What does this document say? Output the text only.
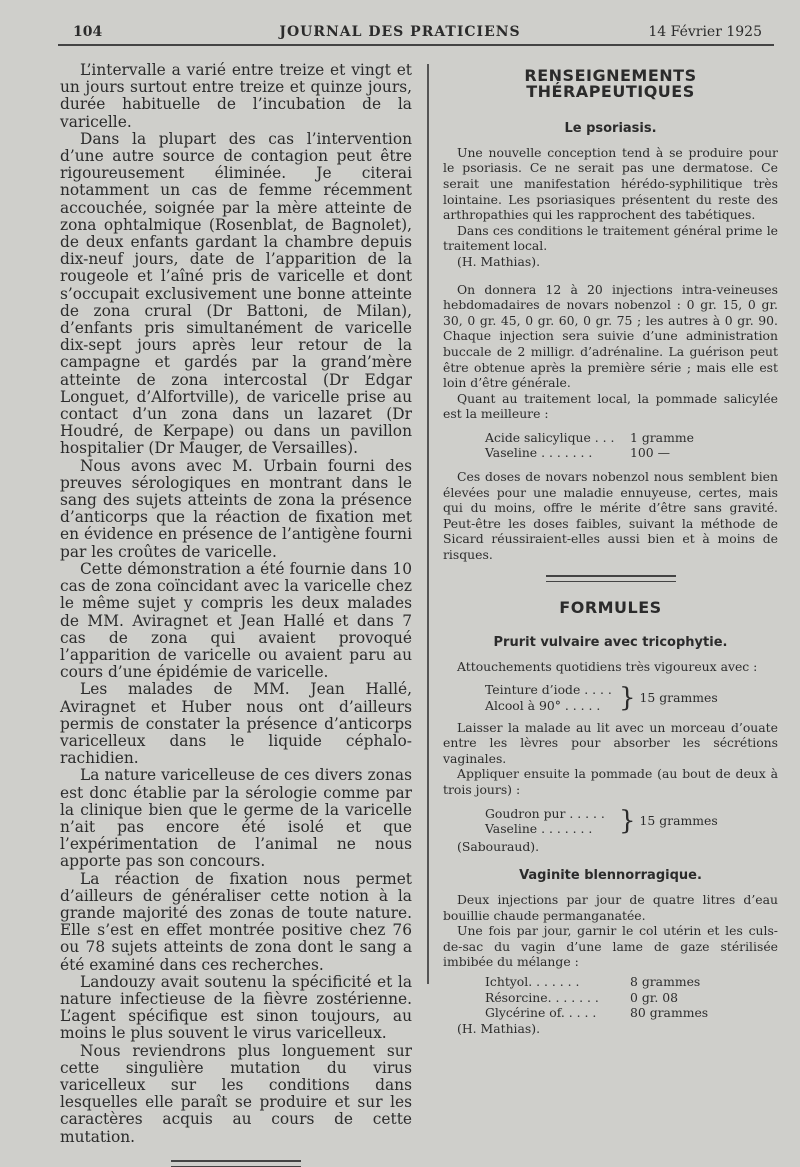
104	JOURNAL DES PRATICIENS	14 Février 1925

L’intervalle a varié entre treize et vingt et un jours surtout entre treize et quinze jours, durée habituelle de l’incubation de la varicelle.

Dans la plupart des cas l’intervention d’une autre source de contagion peut être rigoureusement éliminée. Je citerai notamment un cas de femme récemment accouchée, soignée par la mère atteinte de zona ophtalmique (Rosenblat, de Bagnolet), de deux enfants gardant la chambre depuis dix-neuf jours, date de l’apparition de la rougeole et l’aîné pris de varicelle et dont s’occupait exclusivement une bonne atteinte de zona crural (Dr Battoni, de Milan), d’enfants pris simultanément de varicelle dix-sept jours après leur retour de la campagne et gardés par la grand’mère atteinte de zona intercostal (Dr Edgar Longuet, d’Alfortville), de varicelle prise au contact d’un zona dans un lazaret (Dr Houdré, de Kerpape) ou dans un pavillon hospitalier (Dr Mauger, de Versailles).

Nous avons avec M. Urbain fourni des preuves sérologiques en montrant dans le sang des sujets atteints de zona la présence d’anticorps que la réaction de fixation met en évidence en présence de l’antigène fourni par les croûtes de varicelle.

Cette démonstration a été fournie dans 10 cas de zona coïncidant avec la varicelle chez le même sujet y compris les deux malades de MM. Aviragnet et Jean Hallé et dans 7 cas de zona qui avaient provoqué l’apparition de varicelle ou avaient paru au cours d’une épidémie de varicelle.

Les malades de MM. Jean Hallé, Aviragnet et Huber nous ont d’ailleurs permis de constater la présence d’anticorps varicelleux dans le liquide céphalo-rachidien.

La nature varicelleuse de ces divers zonas est donc établie par la sérologie comme par la clinique bien que le germe de la varicelle n’ait pas encore été isolé et que l’expérimentation de l’animal ne nous apporte pas son concours.

La réaction de fixation nous permet d’ailleurs de généraliser cette notion à la grande majorité des zonas de toute nature. Elle s’est en effet montrée positive chez 76 ou 78 sujets atteints de zona dont le sang a été examiné dans ces recherches.

Landouzy avait soutenu la spécificité et la nature infectieuse de la fièvre zostérienne. L’agent spécifique est sinon toujours, au moins le plus souvent le virus varicelleux.

Nous reviendrons plus longuement sur cette singulière mutation du virus varicelleux sur les conditions dans lesquelles elle paraît se produire et sur les caractères acquis au cours de cette mutation.

RENSEIGNEMENTS THÉRAPEUTIQUES
Le psoriasis.

Une nouvelle conception tend à se produire pour le psoriasis. Ce ne serait pas une dermatose. Ce serait une manifestation hérédo-syphilitique très lointaine. Les psoriasiques présentent du reste des arthropathies qui les rapprochent des tabétiques.

Dans ces conditions le traitement général prime le traitement local.

(H. Mathias).

On donnera 12 à 20 injections intra-veineuses hebdomadaires de novars nobenzol : 0 gr. 15, 0 gr. 30, 0 gr. 45, 0 gr. 60, 0 gr. 75 ; les autres à 0 gr. 90. Chaque injection sera suivie d’une administration buccale de 2 milligr. d’adrénaline. La guérison peut être obtenue après la première série ; mais elle est loin d’être générale.

Quant au traitement local, la pommade salicylée est la meilleure :

Acide salicylique . . .	1 gramme
Vaseline . . . . . . .	100 —

Ces doses de novars nobenzol nous semblent bien élevées pour une maladie ennuyeuse, certes, mais qui du moins, offre le mérite d’être sans gravité. Peut-être les doses faibles, suivant la méthode de Sicard réussiraient-elles aussi bien et à moins de risques.

FORMULES
Prurit vulvaire avec tricophytie.

Attouchements quotidiens très vigoureux avec :

Teinture d’iode . . . .
Alcool à 90° . . . . . } 15 grammes

Laisser la malade au lit avec un morceau d’ouate entre les lèvres pour absorber les sécrétions vaginales.

Appliquer ensuite la pommade (au bout de deux à trois jours) :

Goudron pur . . . . .
Vaseline . . . . . . .	} 15 grammes

(Sabouraud).

Vaginite blennorragique.

Deux injections par jour de quatre litres d’eau bouillie chaude permanganatée.

Une fois par jour, garnir le col utérin et les culs-de-sac du vagin d’une lame de gaze stérilisée imbibée du mélange :

Ichtyol. . . . . . .	8 grammes
Résorcine. . . . . . .	0 gr. 08
Glycérine of. . . . .	80 grammes

(H. Mathias).
